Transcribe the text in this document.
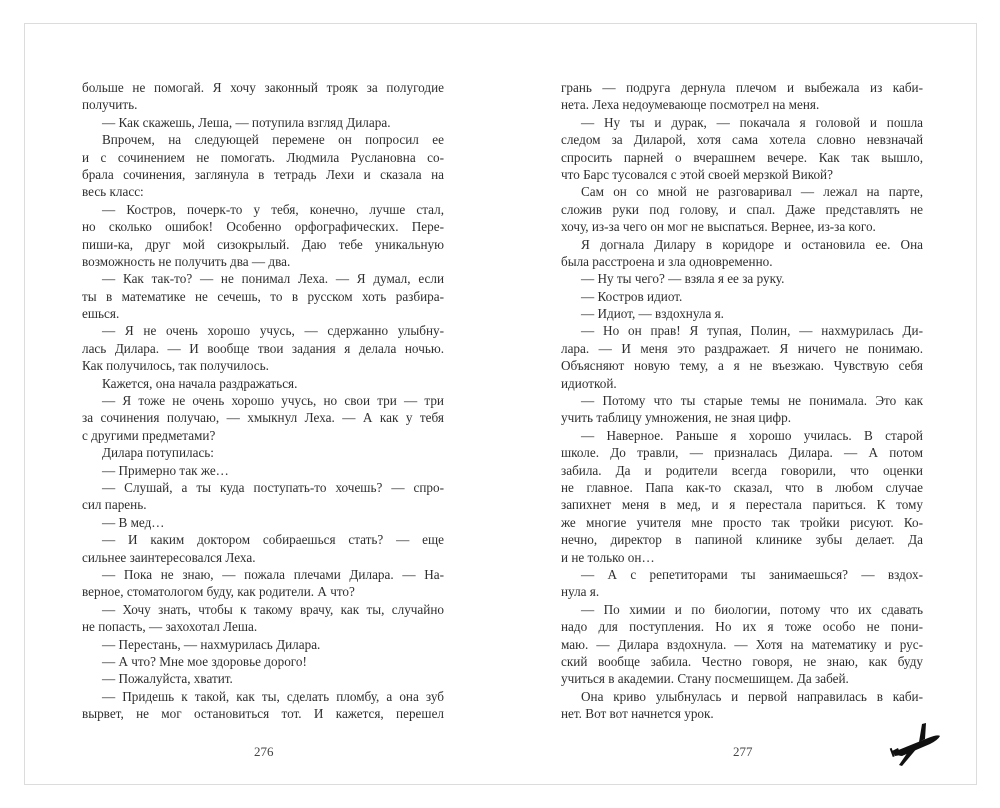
больше не помогай. Я хочу законный трояк за полугодие
получить.
— Как скажешь, Леша, — потупила взгляд Дилара.
Впрочем, на следующей перемене он попросил ее
и с сочинением не помогать. Людмила Руслановна со-
брала сочинения, заглянула в тетрадь Лехи и сказала на
весь класс:
— Костров, почерк-то у тебя, конечно, лучше стал,
но сколько ошибок! Особенно орфографических. Пере-
пиши-ка, друг мой сизокрылый. Даю тебе уникальную
возможность не получить два — два.
— Как так-то? — не понимал Леха. — Я думал, если
ты в математике не сечешь, то в русском хоть разбира-
ешься.
— Я не очень хорошо учусь, — сдержанно улыбну-
лась Дилара. — И вообще твои задания я делала ночью.
Как получилось, так получилось.
Кажется, она начала раздражаться.
— Я тоже не очень хорошо учусь, но свои три — три
за сочинения получаю, — хмыкнул Леха. — А как у тебя
с другими предметами?
Дилара потупилась:
— Примерно так же…
— Слушай, а ты куда поступать-то хочешь? — спро-
сил парень.
— В мед…
— И каким доктором собираешься стать? — еще
сильнее заинтересовался Леха.
— Пока не знаю, — пожала плечами Дилара. — На-
верное, стоматологом буду, как родители. А что?
— Хочу знать, чтобы к такому врачу, как ты, случайно
не попасть, — захохотал Леша.
— Перестань, — нахмурилась Дилара.
— А что? Мне мое здоровье дорого!
— Пожалуйста, хватит.
— Придешь к такой, как ты, сделать пломбу, а она зуб
вырвет, не мог остановиться тот. И кажется, перешел
грань — подруга дернула плечом и выбежала из каби-
нета. Леха недоумевающе посмотрел на меня.
— Ну ты и дурак, — покачала я головой и пошла
следом за Диларой, хотя сама хотела словно невзначай
спросить парней о вчерашнем вечере. Как так вышло,
что Барс тусовался с этой своей мерзкой Викой?
Сам он со мной не разговаривал — лежал на парте,
сложив руки под голову, и спал. Даже представлять не
хочу, из-за чего он мог не выспаться. Вернее, из-за кого.
Я догнала Дилару в коридоре и остановила ее. Она
была расстроена и зла одновременно.
— Ну ты чего? — взяла я ее за руку.
— Костров идиот.
— Идиот, — вздохнула я.
— Но он прав! Я тупая, Полин, — нахмурилась Ди-
лара. — И меня это раздражает. Я ничего не понимаю.
Объясняют новую тему, а я не въезжаю. Чувствую себя
идиоткой.
— Потому что ты старые темы не понимала. Это как
учить таблицу умножения, не зная цифр.
— Наверное. Раньше я хорошо училась. В старой
школе. До травли, — призналась Дилара. — А потом
забила. Да и родители всегда говорили, что оценки
не главное. Папа как-то сказал, что в любом случае
запихнет меня в мед, и я перестала париться. К тому
же многие учителя мне просто так тройки рисуют. Ко-
нечно, директор в папиной клинике зубы делает. Да
и не только он…
— А с репетиторами ты занимаешься? — вздох-
нула я.
— По химии и по биологии, потому что их сдавать
надо для поступления. Но их я тоже особо не пони-
маю. — Дилара вздохнула. — Хотя на математику и рус-
ский вообще забила. Честно говоря, не знаю, как буду
учиться в академии. Стану посмешищем. Да забей.
Она криво улыбнулась и первой направилась в каби-
нет. Вот вот начнется урок.
276	277
